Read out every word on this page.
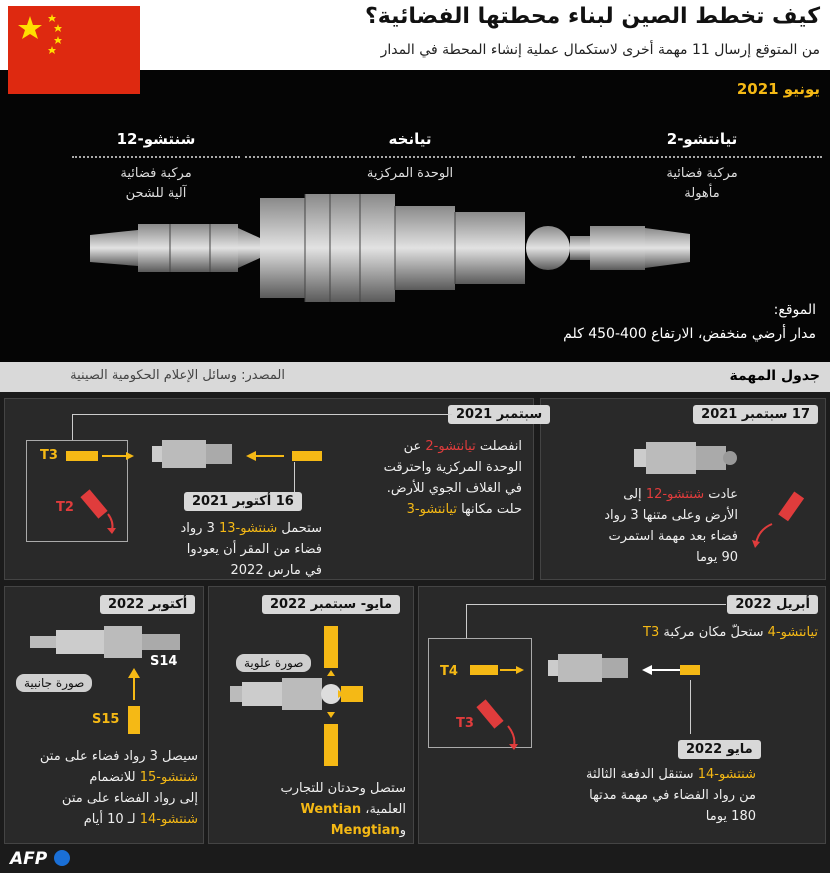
كيف تخطط الصين لبناء محطتها الفضائية؟
من المتوقع إرسال 11 مهمة أخرى لاستكمال عملية إنشاء المحطة في المدار
يونيو 2021
تيانتشو-2
مركبة فضائية
مأهولة
تيانخه
الوحدة المركزية
شنتشو-12
مركبة فضائية
آلية للشحن
الموقع:
مدار أرضي منخفض، الارتفاع 400-450 كلم
جدول المهمة
المصدر: وسائل الإعلام الحكومية الصينية
17 سبتمبر 2021
عادت شنتشو-12 إلى
الأرض وعلى متنها 3 رواد
فضاء بعد مهمة استمرت
90 يوما
سبتمبر 2021
T3
T2
انفصلت تيانتشو-2 عن
الوحدة المركزية واحترقت
في الغلاف الجوي للأرض.
حلت مكانها تيانتشو-3
16 أكتوبر 2021
ستحمل شنتشو-13 3 رواد
فضاء من المقر أن يعودوا
في مارس 2022
أبريل 2022
تيانتشو-4 ستحلّ مكان مركبة T3
T4
T3
مايو 2022
شنتشو-14 ستنقل الدفعة الثالثة
من رواد الفضاء في مهمة مدتها
180 يوما
مايو- سبتمبر 2022
صورة علوية
ستصل وحدتان للتجارب
العلمية، Wentian
وMengtian
أكتوبر 2022
S14
صورة جانبية
S15
سيصل 3 رواد فضاء على متن
شنتشو-15 للانضمام
إلى رواد الفضاء على متن
شنتشو-14 لـ 10 أيام
AFP
